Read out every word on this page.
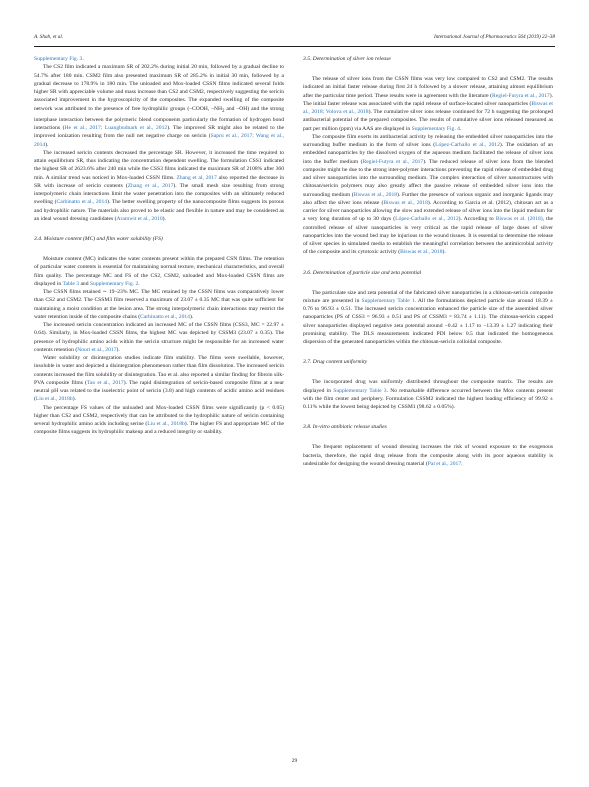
A. Shah, et al.	International Journal of Pharmaceutics 564 (2019) 22–38

Supplementary Fig. 3.

The CS2 film indicated a maximum SR of 202.2% during initial 20 min, followed by a gradual decline to 54.7% after 180 min. CSM2 film also presented maximum SR of 285.2% in initial 30 min, followed by a gradual decrease to 178.9% in 180 min. The unloaded and Mox-loaded CSSN films indicated several folds higher SR with appreciable volume and mass increase than CS2 and CSM2, respectively suggesting the sericin associated improvement in the hygroscopicity of the composites. The expanded swelling of the composite network was attributed to the presence of free hydrophilic groups (–COOH, $-NH_2$ and –OH) and the strong interphase interaction between the polymeric blend components particularly the formation of hydrogen bond interactions (He et al., 2017; Luangbudnark et al., 2012). The improved SR might also be related to the improved ionization resulting from the null net negative charge on sericin (Sapru et al., 2017; Wang et al., 2014).

The increased sericin contents decreased the percentage SR. However, it increased the time required to attain equilibrium SR, thus indicating the concentration dependent swelling. The formulation CSS1 indicated the highest SR of 2623.6% after 240 min while the CSS3 films indicated the maximum SR of 2108% after 360 min. A similar trend was noticed in Mox-loaded CSSN films. Zhang et al, 2017 also reported the decrease in SR with increase of sericin contents (Zhang et al., 2017). The small mesh size resulting from strong interpolymeric chain interactions limit the water penetration into the composites with an ultimately reduced swelling (Carbinatto et al., 2014). The better swelling property of the nanocomposite films suggests its porous and hydrophilic nature. The materials also proved to be elastic and flexible in nature and may be considered as an ideal wound dressing candidates (Aramwit et al., 2010).

3.4. Moisture content (MC) and film water solubility (FS)

Moisture content (MC) indicates the water contents present within the prepared CSN films. The retention of particular water contents is essential for maintaining normal texture, mechanical characteristics, and overall film quality. The percentage MC and FS of the CS2, CSM2, unloaded and Mox-loaded CSSN films are displayed in Table 3 and Supplementary Fig. 2.

The CSSN films retained ∼ 19–23% MC. The MC retained by the CSSN films was comparatively lower than CS2 and CSM2. The CSSM3 film reserved a maximum of 23.07 ± 0.35 MC that was quite sufficient for maintaining a moist condition at the lesion area. The strong interpolymeric chain interactions may restrict the water retention inside of the composite chains (Carbinatto et al., 2014).

The increased sericin concentration indicated an increased MC of the CSSN films (CSS3, MC = 22.97 ± 0.64). Similarly, in Mox-loaded CSSN films, the highest MC was depicted by CSSM3 (23.07 ± 0.35). The presence of hydrophilic amino acids within the sericin structure might be responsible for an increased water contents retention (Nouri et al., 2017).

Water solubility or disintegration studies indicate film stability. The films were swellable, however, insoluble in water and depicted a disintegration phenomenon rather than film dissolution. The increased sericin contents increased the film solubility or disintegration. Tao et al. also reported a similar finding for fibroin silk-PVA composite films (Tao et al., 2017). The rapid disintegration of sericin-based composite films at a near neutral pH was related to the isoelectric point of sericin (3.8) and high contents of acidic amino acid residues (Liu et al., 2018b).

The percentage FS values of the unloaded and Mox-loaded CSSN films were significantly (p < 0.05) higher than CS2 and CSM2, respectively that can be attributed to the hydrophilic nature of sericin containing several hydrophilic amino acids including serine (Liu et al., 2018b). The higher FS and appropriate MC of the composite films suggests its hydrophilic makeup and a reduced integrity or stability.

3.5. Determination of silver ion release

The release of silver ions from the CSSN films was very low compared to CS2 and CSM2. The results indicated an initial faster release during first 24 h followed by a slower release, attaining almost equilibrium after the particular time period. These results were in agreement with the literature (Regiel-Futyra et al., 2017). The initial faster release was associated with the rapid release of surface-located silver nanoparticles (Biswas et al., 2018; Volova et al., 2018). The cumulative silver ions release continued for 72 h suggesting the prolonged antibacterial potential of the prepared composites. The results of cumulative silver ions released measured as part per million (ppm) via AAS are displayed in Supplementary Fig. 4.

The composite film exerts its antibacterial activity by releasing the embedded silver nanoparticles into the surrounding buffer medium in the form of silver ions (López-Carballo et al., 2012). The oxidation of an embedded nanoparticles by the dissolved oxygen of the aqueous medium facilitated the release of silver ions into the buffer medium (Regiel-Futyra et al., 2017). The reduced release of silver ions from the blended composite might be due to the strong inter-polymer interactions preventing the rapid release of embedded drug and silver nanoparticles into the surrounding medium. The complex interaction of silver nanostructures with chitosan/sericin polymers may also greatly affect the passive release of embedded silver ions into the surrounding medium (Biswas et al., 2018). Further the presence of various organic and inorganic ligands may also affect the silver ions release (Biswas et al., 2018). According to Garcia et al. (2012), chitosan act as a carrier for silver nanoparticles allowing the slow and extended release of silver ions into the liquid medium for a very long duration of up to 30 days (López-Carballo et al., 2012). According to Biswas et al. (2018), the controlled release of silver nanoparticles is very critical as the rapid release of large doses of silver nanoparticles into the wound bed may be injurious to the wound tissues. It is essential to determine the release of silver species in simulated media to establish the meaningful correlation between the antimicrobial activity of the composite and its cytotoxic activity (Biswas et al., 2018).

3.6. Determination of particle size and zeta potential

The particulate size and zeta potential of the fabricated silver nanoparticles in a chitosan-sericin composite mixture are presented in Supplementary Table 1. All the formulations depicted particle size around 18.39 ± 0.76 to 96.93 ± 0.51. The increased sericin concentration enhanced the particle size of the assembled silver nanoparticles (PS of CSS3 = 96.93 ± 0.51 and PS of CSSM3 = 83.74 ± 1.11). The chitosan-sericin capped silver nanoparticles displayed negative zeta potential around −0.42 ± 1.17 to −13.39 ± 1.27 indicating their promising stability. The DLS measurements indicated PDI below 0.5 that indicated the homogeneous dispersion of the generated nanoparticles within the chitosan-sericin colloidal composite.

3.7. Drug content uniformity

The incorporated drug was uniformly distributed throughout the composite matrix. The results are displayed in Supplementary Table 3. No remarkable difference occurred between the Mox contents present with the film center and periphery. Formulation CSSM2 indicated the highest loading efficiency of 99.92 ± 0.11% while the lowest being depicted by CSSM1 (98.62 ± 0.05%).

3.8. In-vitro antibiotic release studies

The frequent replacement of wound dressing increases the risk of wound exposure to the exogenous bacteria, therefore, the rapid drug release from the composite along with its poor aqueous stability is undesirable for designing the wound dressing material (Pal et al., 2017;

29
